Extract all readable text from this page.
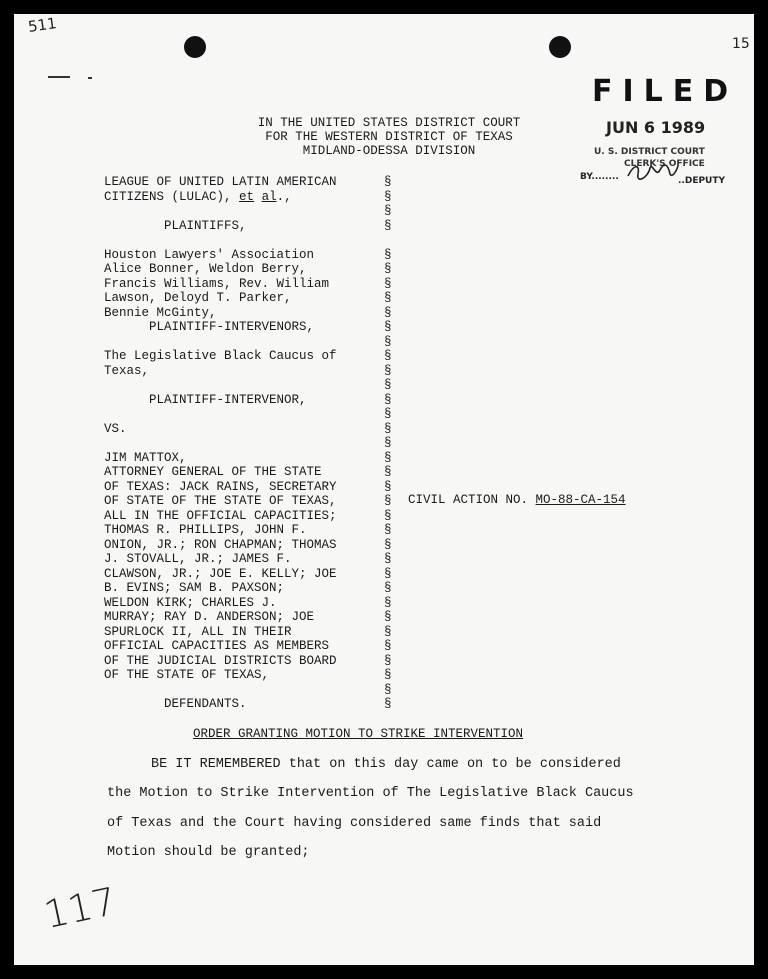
511
15
117
FILED
JUN 6 1989
U. S. DISTRICT COURT
CLERK'S OFFICE
BY........	..DEPUTY
IN THE UNITED STATES DISTRICT COURT
FOR THE WESTERN DISTRICT OF TEXAS
MIDLAND-ODESSA DIVISION
LEAGUE OF UNITED LATIN AMERICAN	§
CITIZENS (LULAC), et al.,	§
§
PLAINTIFFS,	§
Houston Lawyers' Association	§
Alice Bonner, Weldon Berry,	§
Francis Williams, Rev. William	§
Lawson, Deloyd T. Parker,	§
Bennie McGinty,	§
PLAINTIFF-INTERVENORS,	§
§
The Legislative Black Caucus of	§
Texas,	§
§
PLAINTIFF-INTERVENOR,	§
§
VS.	§
§
JIM MATTOX,	§
ATTORNEY GENERAL OF THE STATE	§
OF TEXAS: JACK RAINS, SECRETARY	§
OF STATE OF THE STATE OF TEXAS,	§
ALL IN THE OFFICIAL CAPACITIES;	§
THOMAS R. PHILLIPS, JOHN F.	§
ONION, JR.; RON CHAPMAN; THOMAS	§
J. STOVALL, JR.; JAMES F.	§
CLAWSON, JR.; JOE E. KELLY; JOE	§
B. EVINS; SAM B. PAXSON;	§
WELDON KIRK; CHARLES J.	§
MURRAY; RAY D. ANDERSON; JOE	§
SPURLOCK II, ALL IN THEIR	§
OFFICIAL CAPACITIES AS MEMBERS	§
OF THE JUDICIAL DISTRICTS BOARD	§
OF THE STATE OF TEXAS,	§
§
DEFENDANTS.	§
CIVIL ACTION NO. MO-88-CA-154
ORDER GRANTING MOTION TO STRIKE INTERVENTION
BE IT REMEMBERED that on this day came on to be considered
the Motion to Strike Intervention of The Legislative Black Caucus
of Texas and the Court having considered same finds that said
Motion should be granted;
